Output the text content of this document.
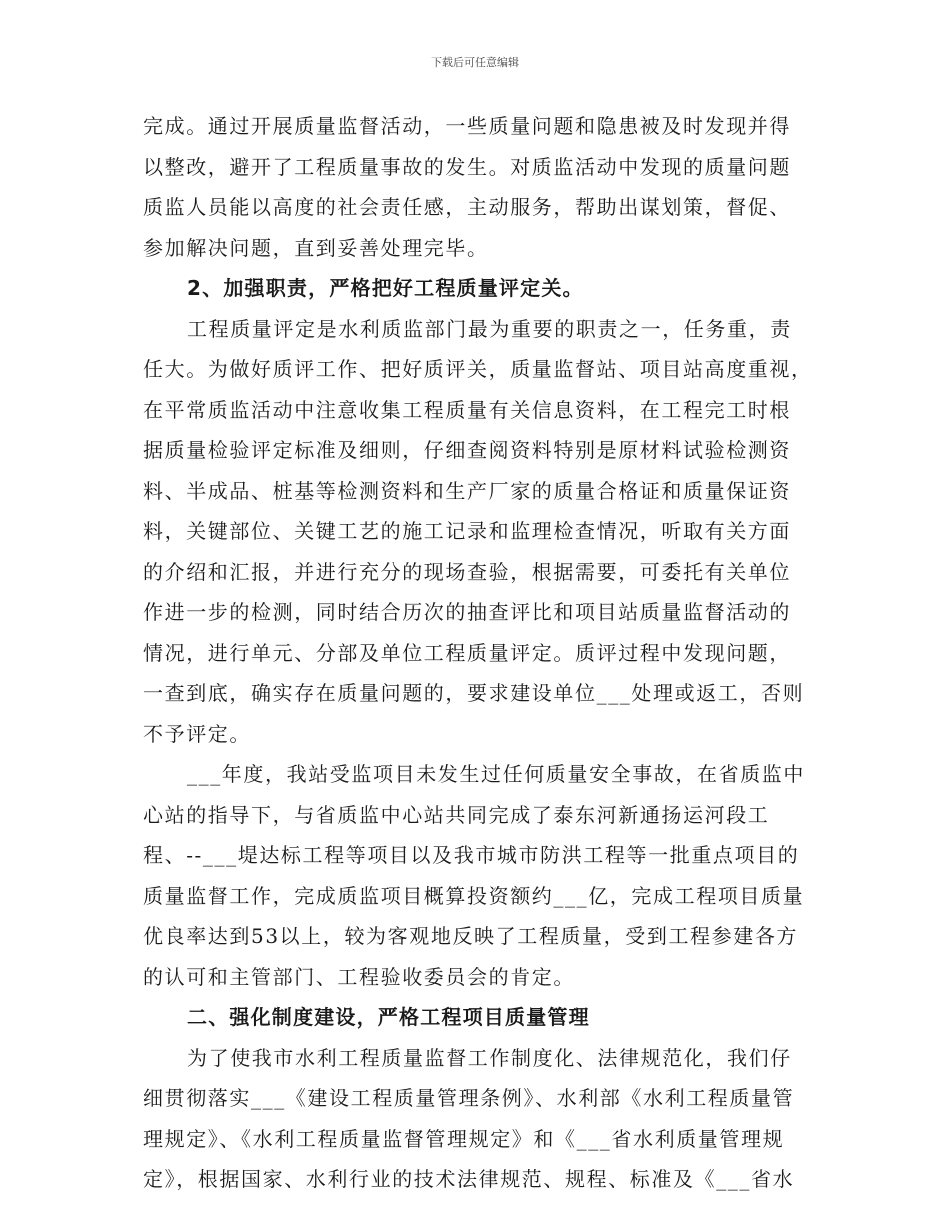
下载后可任意编辑
完成。通过开展质量监督活动，一些质量问题和隐患被及时发现并得
以整改，避开了工程质量事故的发生。对质监活动中发现的质量问题
质监人员能以高度的社会责任感，主动服务，帮助出谋划策，督促、
参加解决问题，直到妥善处理完毕。
2、加强职责，严格把好工程质量评定关。
工程质量评定是水利质监部门最为重要的职责之一，任务重，责
任大。为做好质评工作、把好质评关，质量监督站、项目站高度重视，
在平常质监活动中注意收集工程质量有关信息资料，在工程完工时根
据质量检验评定标准及细则，仔细查阅资料特别是原材料试验检测资
料、半成品、桩基等检测资料和生产厂家的质量合格证和质量保证资
料，关键部位、关键工艺的施工记录和监理检查情况，听取有关方面
的介绍和汇报，并进行充分的现场查验，根据需要，可委托有关单位
作进一步的检测，同时结合历次的抽查评比和项目站质量监督活动的
情况，进行单元、分部及单位工程质量评定。质评过程中发现问题，
一查到底，确实存在质量问题的，要求建设单位___处理或返工，否则
不予评定。
___年度，我站受监项目未发生过任何质量安全事故，在省质监中
心站的指导下，与省质监中心站共同完成了泰东河新通扬运河段工
程、--___堤达标工程等项目以及我市城市防洪工程等一批重点项目的
质量监督工作，完成质监项目概算投资额约___亿，完成工程项目质量
优良率达到53以上，较为客观地反映了工程质量，受到工程参建各方
的认可和主管部门、工程验收委员会的肯定。
二、强化制度建设，严格工程项目质量管理
为了使我市水利工程质量监督工作制度化、法律规范化，我们仔
细贯彻落实___《建设工程质量管理条例》、水利部《水利工程质量管
理规定》、《水利工程质量监督管理规定》和《___省水利质量管理规
定》，根据国家、水利行业的技术法律规范、规程、标准及《___省水
